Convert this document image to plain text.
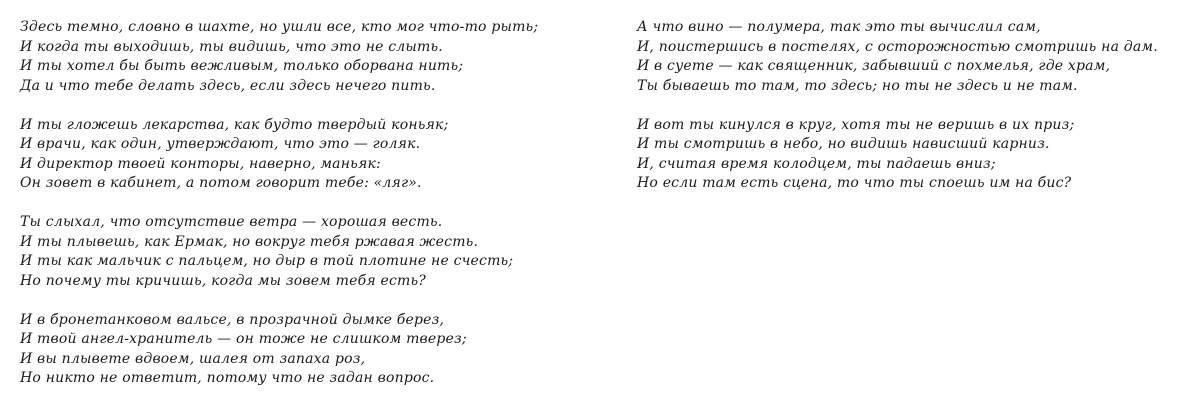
Здесь темно, словно в шахте, но ушли все, кто мог что-то рыть;
И когда ты выходишь, ты видишь, что это не слыть.
И ты хотел бы быть вежливым, только оборвана нить;
Да и что тебе делать здесь, если здесь нечего пить.
И ты гложешь лекарства, как будто твердый коньяк;
И врачи, как один, утверждают, что это — голяк.
И директор твоей конторы, наверно, маньяк:
Он зовет в кабинет, а потом говорит тебе: «ляг».
Ты слыхал, что отсутствие ветра — хорошая весть.
И ты плывешь, как Ермак, но вокруг тебя ржавая жесть.
И ты как мальчик с пальцем, но дыр в той плотине не счесть;
Но почему ты кричишь, когда мы зовем тебя есть?
И в бронетанковом вальсе, в прозрачной дымке берез,
И твой ангел-хранитель — он тоже не слишком тверез;
И вы плывете вдвоем, шалея от запаха роз,
Но никто не ответит, потому что не задан вопрос.
А что вино — полумера, так это ты вычислил сам,
И, поистершись в постелях, с осторожностью смотришь на дам.
И в суете — как священник, забывший с похмелья, где храм,
Ты бываешь то там, то здесь; но ты не здесь и не там.
И вот ты кинулся в круг, хотя ты не веришь в их приз;
И ты смотришь в небо, но видишь нависший карниз.
И, считая время колодцем, ты падаешь вниз;
Но если там есть сцена, то что ты споешь им на бис?
